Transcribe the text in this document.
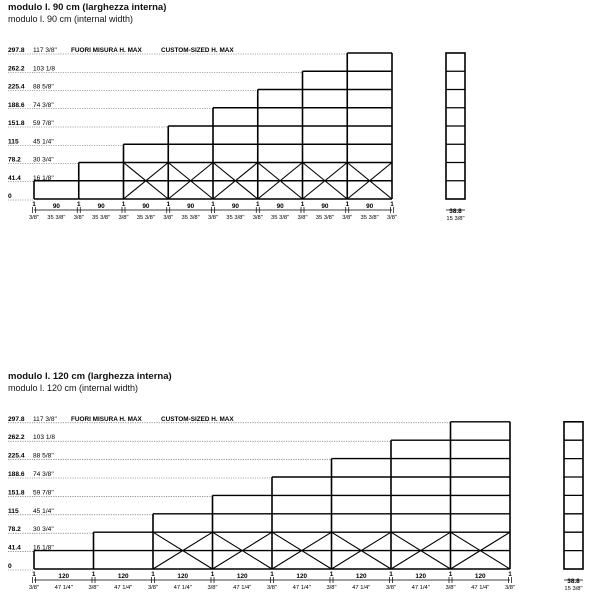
modulo l. 90 cm (larghezza interna)
modulo l. 90 cm (internal width)
297.8 117 3/8"
262.2 103 1/8
225.4 88 5/8"
188.6 74 3/8"
151.8 59 7/8"
115 45 1/4"
78.2 30 3/4"
41.4 16 1/8"
0
FUORI MISURA H. MAX	CUSTOM-SIZED H. MAX
1
3/8"
90
35 3/8"
1
3/8"
90
35 3/8"
1
3/8"
90
35 3/8"
1
3/8"
90
35 3/8"
1
3/8"
90
35 3/8"
1
3/8"
90
35 3/8"
1
3/8"
90
35 3/8"
1
3/8"
90
35 3/8"
1
3/8"
38.8
15 3/8"
modulo l. 120 cm (larghezza interna)
modulo l. 120 cm (internal width)
297.8 117 3/8"
262.2 103 1/8
225.4 88 5/8"
188.6 74 3/8"
151.8 59 7/8"
115 45 1/4"
78.2 30 3/4"
41.4 16 1/8"
0
FUORI MISURA H. MAX	CUSTOM-SIZED H. MAX
1
3/8"
120
47 1/4"
1
3/8"
120
47 1/4"
1
3/8"
120
47 1/4"
1
3/8"
120
47 1/4"
1
3/8"
120
47 1/4"
1
3/8"
120
47 1/4"
1
3/8"
120
47 1/4"
1
3/8"
120
47 1/4"
1
3/8"
38.8
15 3/8"
